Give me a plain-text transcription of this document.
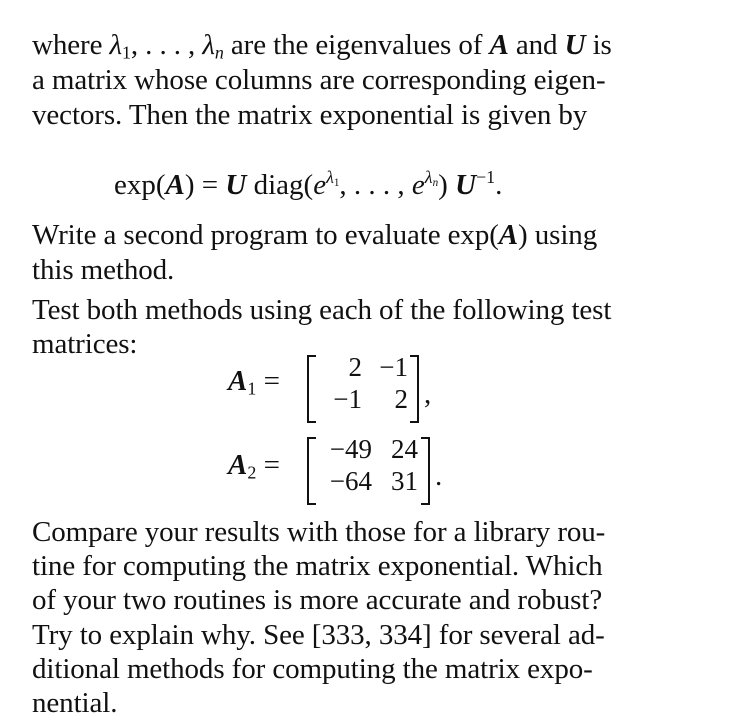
where $\lambda_1$, . . . , $\lambda_n$ are the eigenvalues of A and U is
a matrix whose columns are corresponding eigen-
vectors. Then the matrix exponential is given by
exp(A) = U $diag(e^{\lambda_1}$, . . . , $e^{\lambda_n}$) $U^{-1}$.
Write a second program to evaluate exp(A) using
this method.
Test both methods using each of the following test
matrices:
$A_1$ =	2 −1
−1	2 ,
$A_2 = -49$ 24
−64 31 .
Compare your results with those for a library rou-
tine for computing the matrix exponential. Which
of your two routines is more accurate and robust?
Try to explain why. See [333, 334] for several ad-
ditional methods for computing the matrix expo-
nential.
